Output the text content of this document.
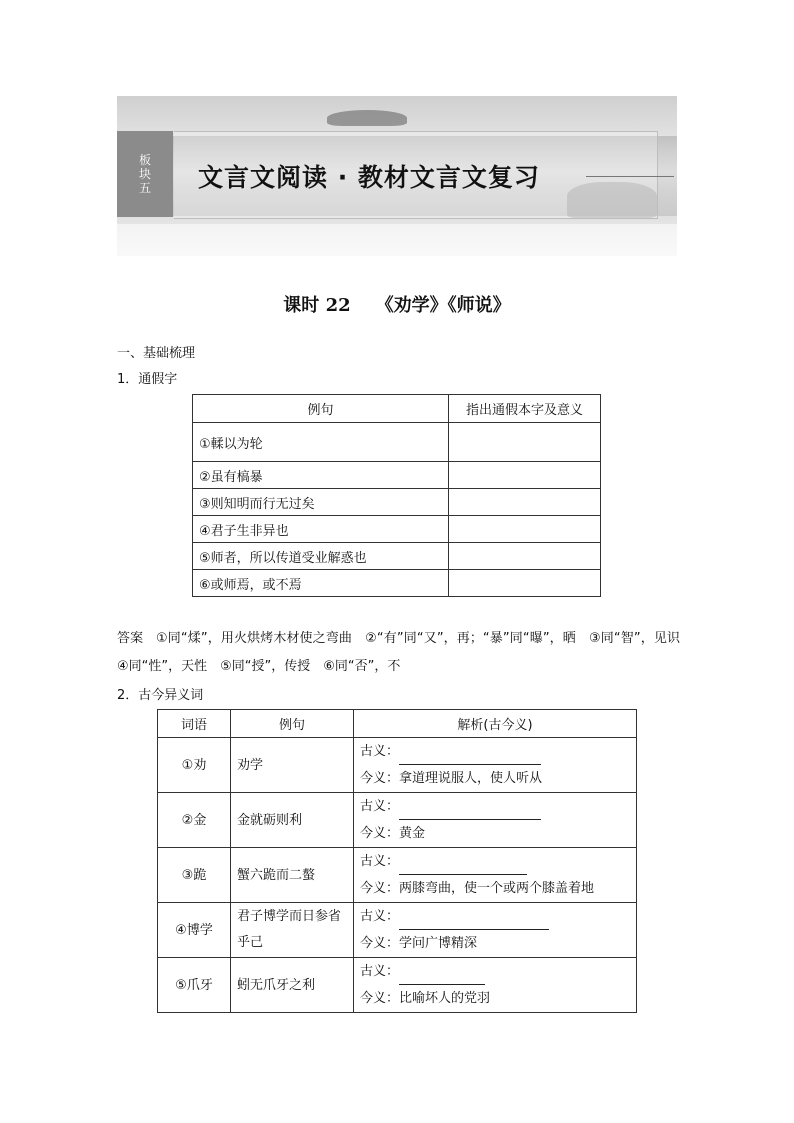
板块五 文言文阅读 · 教材文言文复习
课时 22    《劝学》《师说》
一、基础梳理
1．通假字
例句	指出通假本字及意义
①輮以为轮	
②虽有槁暴	
③则知明而行无过矣	
④君子生非异也	
⑤师者，所以传道受业解惑也	
⑥或师焉，或不焉	
答案 ①同“煣”，用火烘烤木材使之弯曲　②“有”同“又”，再；“暴”同“曝”，晒　③同“智”，见识　④同“性”，天性　⑤同“授”，传授　⑥同“否”，不
2．古今异义词
词语	例句	解析(古今义)
①劝	劝学	古义：
		今义：拿道理说服人，使人听从
②金	金就砺则利	古义：
		今义：黄金
③跪	蟹六跪而二螯	古义：
		今义：两膝弯曲，使一个或两个膝盖着地
④博学	君子博学而日参省乎己	古义：
		今义：学问广博精深
⑤爪牙	蚓无爪牙之利	古义：
		今义：比喻坏人的党羽
